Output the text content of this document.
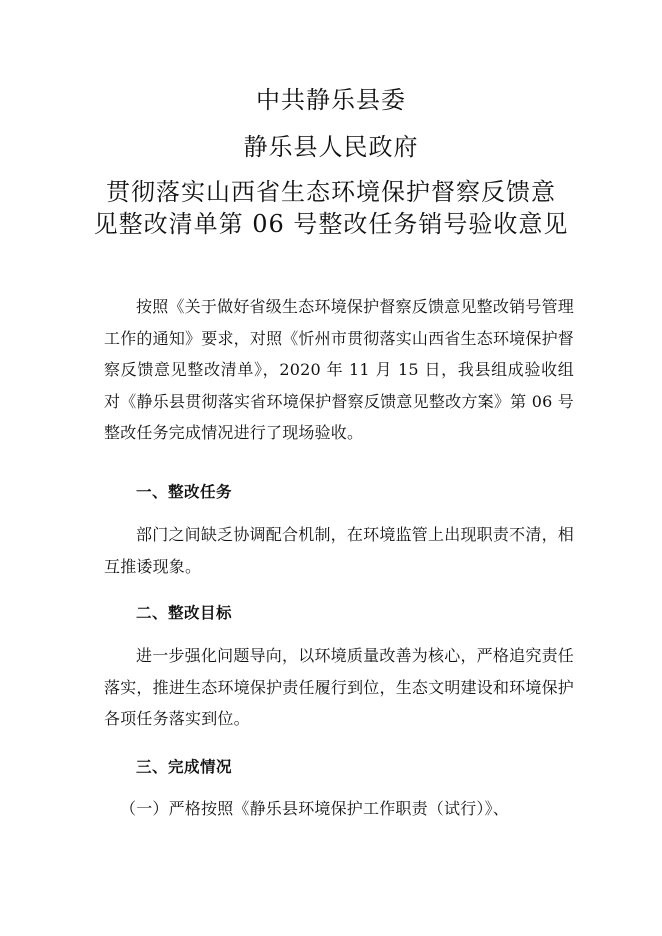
中共静乐县委
静乐县人民政府
贯彻落实山西省生态环境保护督察反馈意
见整改清单第 06 号整改任务销号验收意见
按照《关于做好省级生态环境保护督察反馈意见整改销号管理工作的通知》要求，对照《忻州市贯彻落实山西省生态环境保护督察反馈意见整改清单》，2020 年 11 月 15 日，我县组成验收组对《静乐县贯彻落实省环境保护督察反馈意见整改方案》第 06 号整改任务完成情况进行了现场验收。
一、整改任务
部门之间缺乏协调配合机制，在环境监管上出现职责不清，相互推诿现象。
二、整改目标
进一步强化问题导向，以环境质量改善为核心，严格追究责任落实，推进生态环境保护责任履行到位，生态文明建设和环境保护各项任务落实到位。
三、完成情况
（一）严格按照《静乐县环境保护工作职责（试行）》、
